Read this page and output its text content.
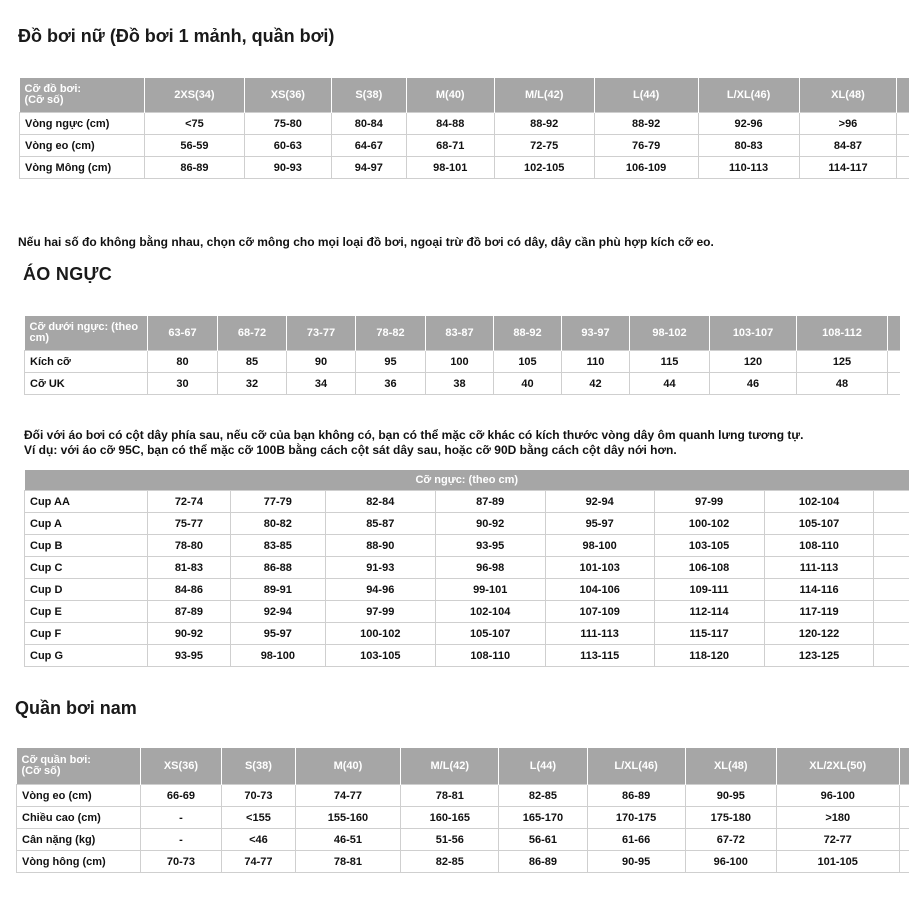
Đồ bơi nữ (Đồ bơi 1 mảnh, quần bơi)
Cỡ đồ bơi:
(Cỡ số)	2XS(34)	XS(36)	S(38)	M(40)	M/L(42)	L(44)	L/XL(46)	XL(48)	
Vòng ngực (cm)	<75	75-80	80-84	84-88	88-92	88-92	92-96	>96	
Vòng eo (cm)	56-59	60-63	64-67	68-71	72-75	76-79	80-83	84-87	
Vòng Mông (cm)	86-89	90-93	94-97	98-101	102-105	106-109	110-113	114-117	

Nếu hai số đo không bằng nhau, chọn cỡ mông cho mọi loại đồ bơi, ngoại trừ đồ bơi có dây, dây cần phù hợp kích cỡ eo.

ÁO NGỰC
Cỡ dưới ngực: (theo cm)	63-67	68-72	73-77	78-82	83-87	88-92	93-97	98-102	103-107	108-112	
Kích cỡ	80	85	90	95	100	105	110	115	120	125	
Cỡ UK	30	32	34	36	38	40	42	44	46	48	
Đối với áo bơi có cột dây phía sau, nếu cỡ của bạn không có, bạn có thể mặc cỡ khác có kích thước vòng dây ôm quanh lưng tương tự.
Ví dụ: với áo cỡ 95C, bạn có thể mặc cỡ 100B bằng cách cột sát dây sau, hoặc cỡ 90D bằng cách cột dây nới hơn.
Cỡ ngực: (theo cm)								
Cup AA	72-74	77-79	82-84	87-89	92-94	97-99	102-104	
Cup A	75-77	80-82	85-87	90-92	95-97	100-102	105-107	
Cup B	78-80	83-85	88-90	93-95	98-100	103-105	108-110	
Cup C	81-83	86-88	91-93	96-98	101-103	106-108	111-113	
Cup D	84-86	89-91	94-96	99-101	104-106	109-111	114-116	
Cup E	87-89	92-94	97-99	102-104	107-109	112-114	117-119	
Cup F	90-92	95-97	100-102	105-107	111-113	115-117	120-122	
Cup G	93-95	98-100	103-105	108-110	113-115	118-120	123-125	
Quần bơi nam
Cỡ quần bơi:
(Cỡ số)	XS(36)	S(38)	M(40)	M/L(42)	L(44)	L/XL(46)	XL(48)	XL/2XL(50)	
Vòng eo (cm)	66-69	70-73	74-77	78-81	82-85	86-89	90-95	96-100	
Chiều cao (cm)	-	<155	155-160	160-165	165-170	170-175	175-180	>180	
Cân nặng (kg)	-	<46	46-51	51-56	56-61	61-66	67-72	72-77	
Vòng hông (cm)	70-73	74-77	78-81	82-85	86-89	90-95	96-100	101-105	
